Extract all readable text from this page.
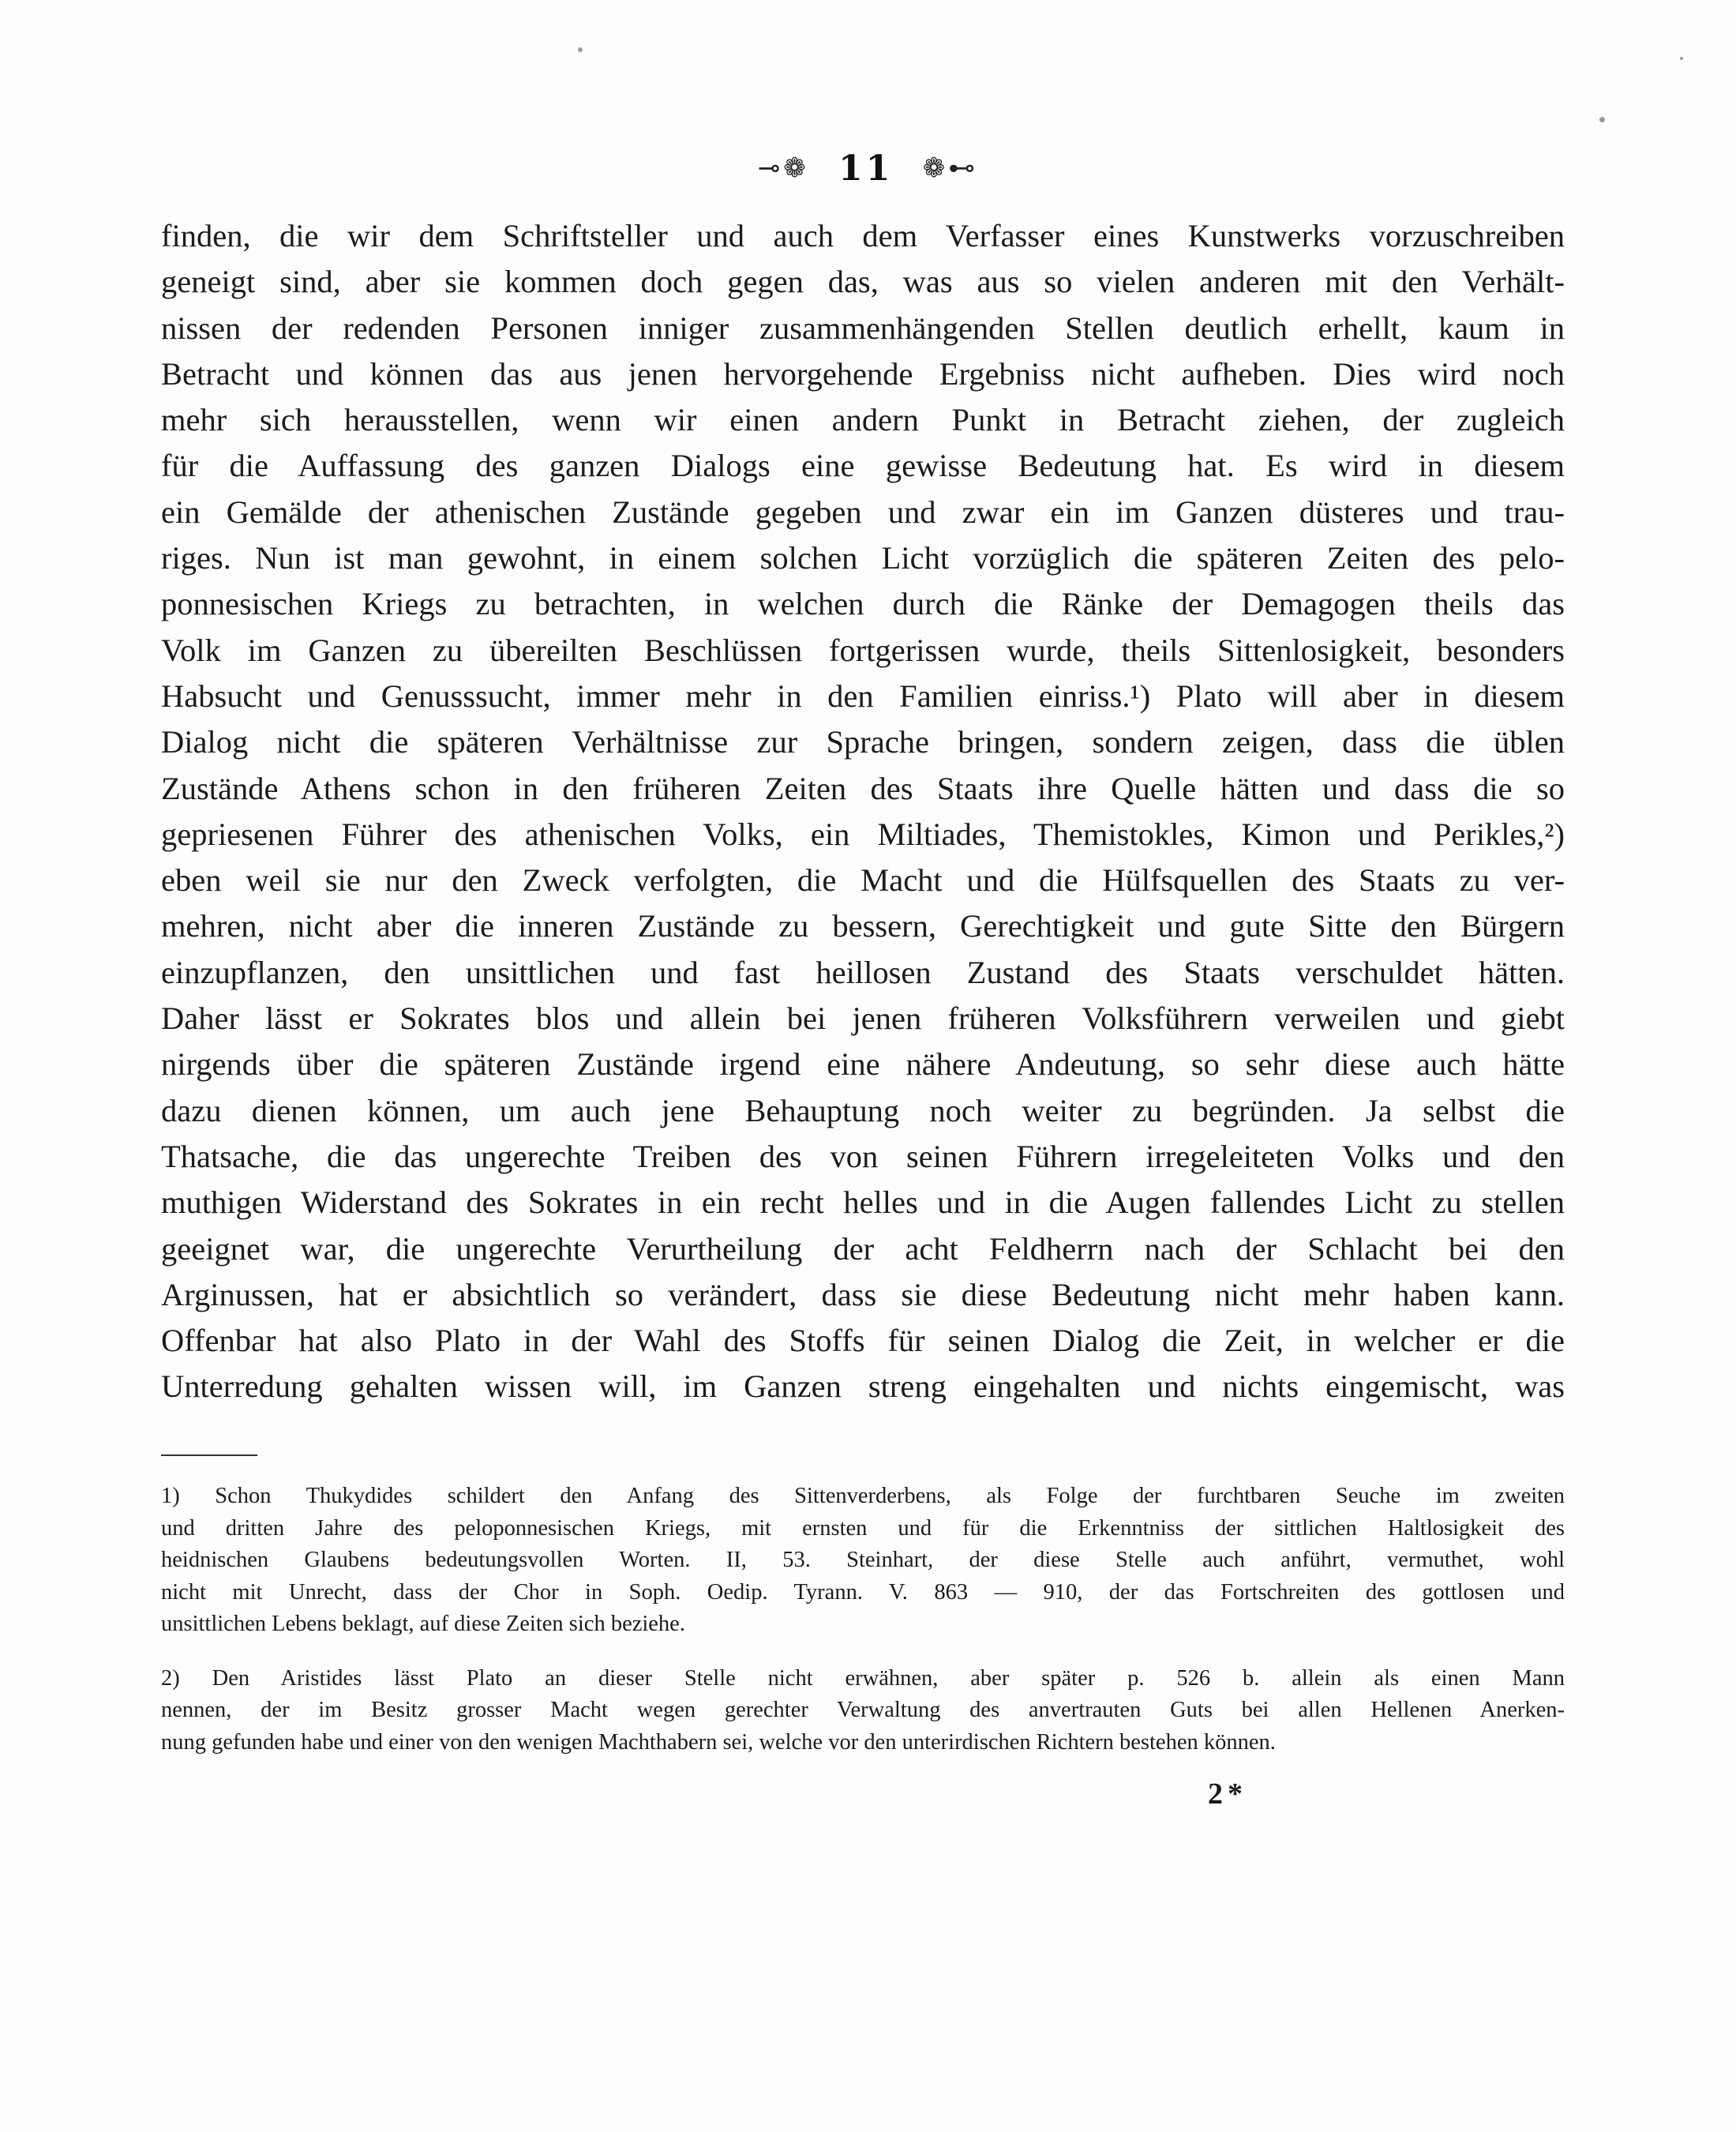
⊸❁ 11 ❁⊷
finden, die wir dem Schriftsteller und auch dem Verfasser eines Kunstwerks vorzuschreiben
geneigt sind, aber sie kommen doch gegen das, was aus so vielen anderen mit den Verhält-
nissen der redenden Personen inniger zusammenhängenden Stellen deutlich erhellt, kaum in
Betracht und können das aus jenen hervorgehende Ergebniss nicht aufheben. Dies wird noch
mehr sich herausstellen, wenn wir einen andern Punkt in Betracht ziehen, der zugleich
für die Auffassung des ganzen Dialogs eine gewisse Bedeutung hat. Es wird in diesem
ein Gemälde der athenischen Zustände gegeben und zwar ein im Ganzen düsteres und trau-
riges. Nun ist man gewohnt, in einem solchen Licht vorzüglich die späteren Zeiten des pelo-
ponnesischen Kriegs zu betrachten, in welchen durch die Ränke der Demagogen theils das
Volk im Ganzen zu übereilten Beschlüssen fortgerissen wurde, theils Sittenlosigkeit, besonders
Habsucht und Genusssucht, immer mehr in den Familien einriss.¹) Plato will aber in diesem
Dialog nicht die späteren Verhältnisse zur Sprache bringen, sondern zeigen, dass die üblen
Zustände Athens schon in den früheren Zeiten des Staats ihre Quelle hätten und dass die so
gepriesenen Führer des athenischen Volks, ein Miltiades, Themistokles, Kimon und Perikles,²)
eben weil sie nur den Zweck verfolgten, die Macht und die Hülfsquellen des Staats zu ver-
mehren, nicht aber die inneren Zustände zu bessern, Gerechtigkeit und gute Sitte den Bürgern
einzupflanzen, den unsittlichen und fast heillosen Zustand des Staats verschuldet hätten.
Daher lässt er Sokrates blos und allein bei jenen früheren Volksführern verweilen und giebt
nirgends über die späteren Zustände irgend eine nähere Andeutung, so sehr diese auch hätte
dazu dienen können, um auch jene Behauptung noch weiter zu begründen. Ja selbst die
Thatsache, die das ungerechte Treiben des von seinen Führern irregeleiteten Volks und den
muthigen Widerstand des Sokrates in ein recht helles und in die Augen fallendes Licht zu stellen
geeignet war, die ungerechte Verurtheilung der acht Feldherrn nach der Schlacht bei den
Arginussen, hat er absichtlich so verändert, dass sie diese Bedeutung nicht mehr haben kann.
Offenbar hat also Plato in der Wahl des Stoffs für seinen Dialog die Zeit, in welcher er die
Unterredung gehalten wissen will, im Ganzen streng eingehalten und nichts eingemischt, was
1) Schon Thukydides schildert den Anfang des Sittenverderbens, als Folge der furchtbaren Seuche im zweiten
und dritten Jahre des peloponnesischen Kriegs, mit ernsten und für die Erkenntniss der sittlichen Haltlosigkeit des
heidnischen Glaubens bedeutungsvollen Worten. II, 53. Steinhart, der diese Stelle auch anführt, vermuthet, wohl
nicht mit Unrecht, dass der Chor in Soph. Oedip. Tyrann. V. 863 — 910, der das Fortschreiten des gottlosen und
unsittlichen Lebens beklagt, auf diese Zeiten sich beziehe.
2) Den Aristides lässt Plato an dieser Stelle nicht erwähnen, aber später p. 526 b. allein als einen Mann
nennen, der im Besitz grosser Macht wegen gerechter Verwaltung des anvertrauten Guts bei allen Hellenen Anerken-
nung gefunden habe und einer von den wenigen Machthabern sei, welche vor den unterirdischen Richtern bestehen können.
2*
